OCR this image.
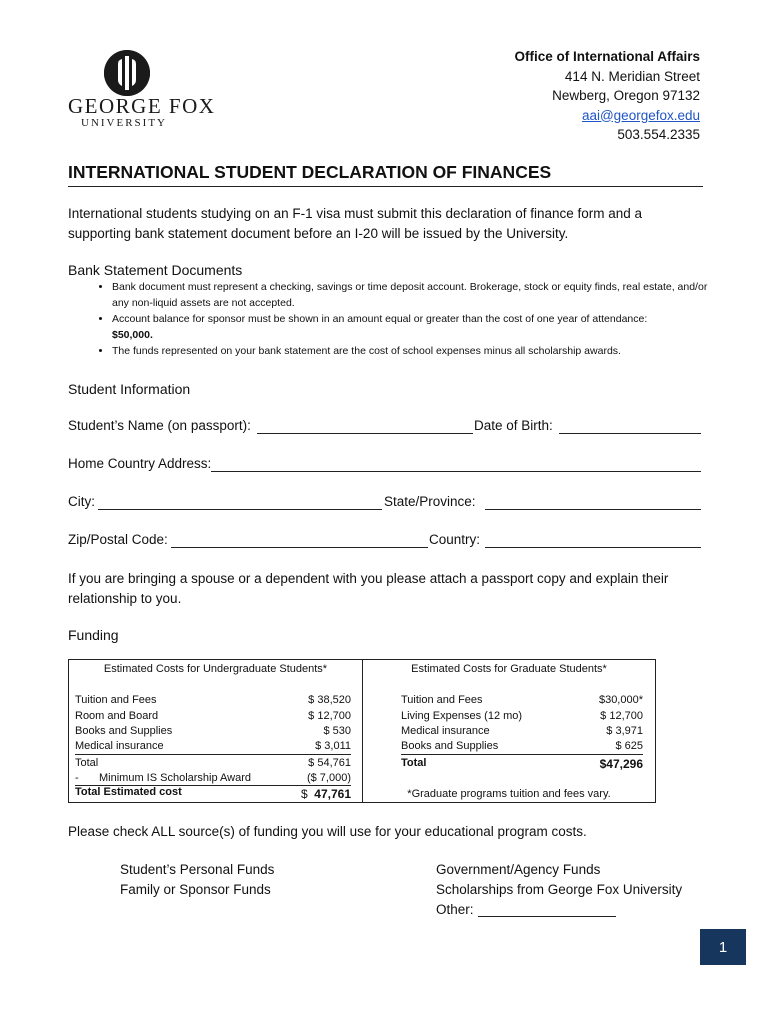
GEORGE FOX
UNIVERSITY
Office of International Affairs
414 N. Meridian Street
Newberg, Oregon 97132
aai@georgefox.edu
503.554.2335
INTERNATIONAL STUDENT DECLARATION OF FINANCES
International students studying on an F-1 visa must submit this declaration of finance form and a supporting bank statement document before an I-20 will be issued by the University.
Bank Statement Documents
• Bank document must represent a checking, savings or time deposit account. Brokerage, stock or equity finds, real estate, and/or any non-liquid assets are not accepted.
• Account balance for sponsor must be shown in an amount equal or greater than the cost of one year of attendance:
$50,000.
• The funds represented on your bank statement are the cost of school expenses minus all scholarship awards.
Student Information
Student’s Name (on passport):	Date of Birth:
Home Country Address:
City:	State/Province:
Zip/Postal Code:	Country:
If you are bringing a spouse or a dependent with you please attach a passport copy and explain their relationship to you.
Funding
Estimated Costs for Undergraduate Students*
Tuition and Fees	$ 38,520
Room and Board	$ 12,700
Books and Supplies	$ 530
Medical insurance	$ 3,011
Total	$ 54,761
- Minimum IS Scholarship Award	($ 7,000)
Total Estimated cost	$ 47,761
Estimated Costs for Graduate Students*
Tuition and Fees	$30,000*
Living Expenses (12 mo)	$ 12,700
Medical insurance	$ 3,971
Books and Supplies	$ 625
Total	$47,296
*Graduate programs tuition and fees vary.
Please check ALL source(s) of funding you will use for your educational program costs.
Student’s Personal Funds
Family or Sponsor Funds
Government/Agency Funds
Scholarships from George Fox University
Other:
1
